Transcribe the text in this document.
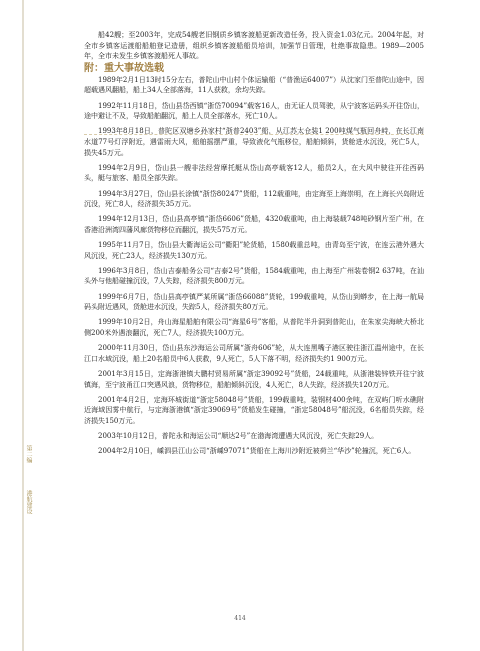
第二编
港航建设

船42艘；至2003年，完成54艘老旧钢质乡镇客渡船更新改造任务，投入资金1.03亿元。2004年起，对全市乡镇客运渡船船舶登记造册，组织乡镇客渡船船员培训，加强节日管理，杜绝事故隐患。1989—2005年，全市未发生乡镇客渡船死人事故。

附：重大事故选载

1989年2月1日13时15分左右，普陀山中山村个体运输船（“普渔运64007”）从沈家门至普陀山途中，因超载遇风翻船，船上34人全部落海，11人获救，余均失踪。

1992年11月18日，岱山县岱西镇“浙岱70094”载客16人，由无证人员驾驶，从宁波客运码头开往岱山，途中避让不及，导致船舶翻沉，船上人员全部落水，死亡10人。

1993年8月18日，普陀区双塘乡孙家村“浙普2403”船，从江苏太仓装1 200吨煤气瓶回舟峙，在长江南水道77号灯浮附近，遇雷雨大风，船舶摇摆严重，导致液化气瓶移位，船舶倾斜，货舱进水沉没，死亡5人，损失45万元。

1994年2月9日，岱山县一艘非法经营摩托艇从岱山高亭载客12人，船员2人，在大风中驶往开往西码头，艇与旅客、船员全部失踪。

1994年3月27日，岱山县长涂镇“浙岱80247”货船，112载重吨，由定海至上海崇明，在上海长兴岛附近沉没，死亡8人，经济损失35万元。

1994年12月13日，岱山县高亭镇“浙岱6606”货船，4320载重吨，由上海装载748吨砂钢片至广州，在香港沿洲湾四藩风廊货物移位而翻沉，损失575万元。

1995年11月7日，岱山县大衢海运公司“衢阳”轮货船，1580载重总吨，由青岛至宁波，在连云港外遇大风沉没，死亡23人，经济损失130万元。

1996年3月8日，岱山吉泰船务公司“吉泰2号”货船，1584载重吨，由上海至广州装卷钢2 637吨，在汕头外与他船碰撞沉没，7人失踪，经济损失800万元。

1999年6月7日，岱山县高亭镇严某所属“浙岱66088”货轮，199载重吨，从岱山到蟒步，在上海一航局码头附近遇风，货舱进水沉没，失踪5人，经济损失80万元。

1999年10月2日，舟山海星船舶有限公司“海星6号”客船，从普陀半升洞到普陀山，在朱家尖海峡大桥北侧200米外遇浪翻沉，死亡7人，经济损失100万元。

2000年11月30日，岱山县东沙海运公司所属“浙舟606”轮，从大连黑嘴子港区驶往浙江温州途中，在长江口水域沉没，船上20名船员中6人获救，9人死亡，5人下落不明，经济损失约1 900万元。

2001年3月15日，定海浙港镇大鹏村贸易所属“浙定39092号”货船，24载重吨，从浙港装锌铁开往宁波镇海，至宁波甬江口突遇风浪，货物移位，船舶倾斜沉没，4人死亡，8人失踪，经济损失120万元。

2001年4月2日，定海环城街道“浙定58048号”货船，199载重吨，装钢材400余吨，在双屿门听水礁附近海域因雾中航行，与定海浙港镇“浙定39069号”货船发生碰撞，“浙定58048号”船沉没，6名船员失踪，经济损失150万元。

2003年10月12日，普陀永和海运公司“顺达2号”在渤海湾遭遇大风沉没，死亡失踪29人。

2004年2月10日，嵊泗县江山公司“浙嵊97071”货船在上海川沙附近被荷兰“华沙”轮撞沉，死亡6人。

414
